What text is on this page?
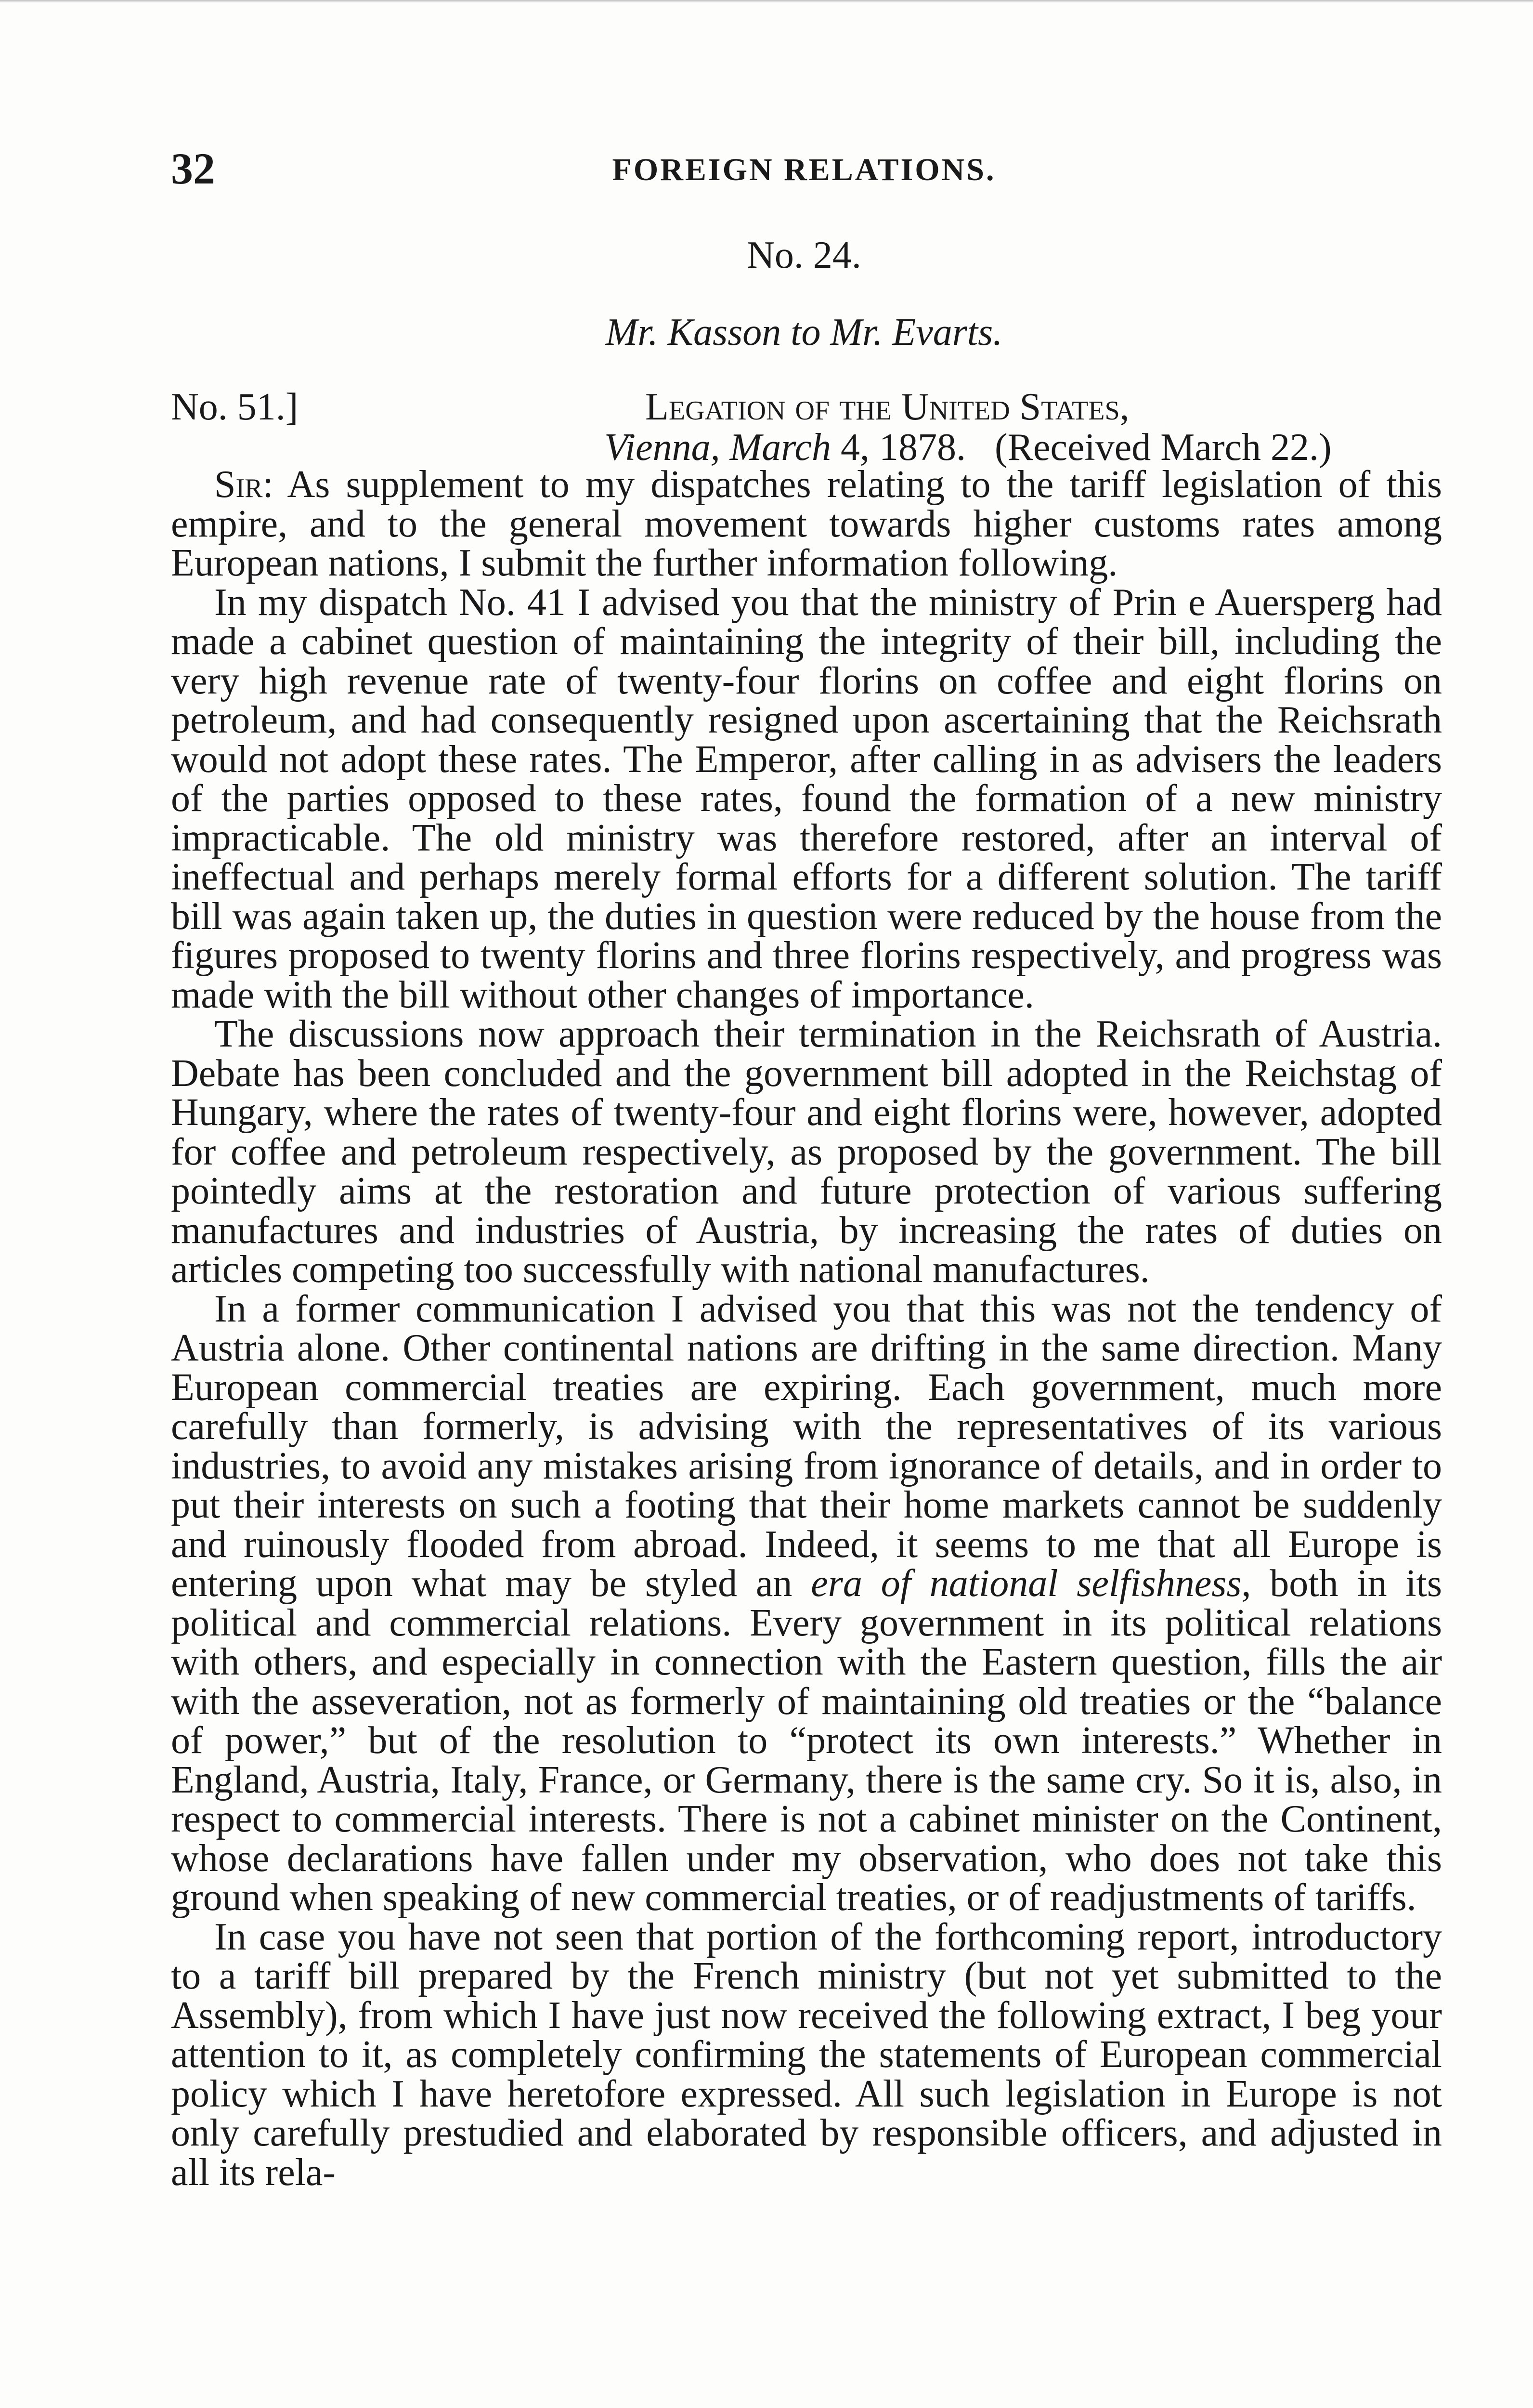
32	FOREIGN RELATIONS.
No. 24.
Mr. Kasson to Mr. Evarts.
No. 51.]	Legation of the United States,
Vienna, March 4, 1878. (Received March 22.)

Sir: As supplement to my dispatches relating to the tariff legislation of this empire, and to the general movement towards higher customs rates among European nations, I submit the further information following.

In my dispatch No. 41 I advised you that the ministry of Prin e Auersperg had made a cabinet question of maintaining the integrity of their bill, including the very high revenue rate of twenty-four florins on coffee and eight florins on petroleum, and had consequently resigned upon ascertaining that the Reichsrath would not adopt these rates. The Emperor, after calling in as advisers the leaders of the parties opposed to these rates, found the formation of a new ministry impracticable. The old ministry was therefore restored, after an interval of ineffectual and perhaps merely formal efforts for a different solution. The tariff bill was again taken up, the duties in question were reduced by the house from the figures proposed to twenty florins and three florins respectively, and progress was made with the bill without other changes of importance.

The discussions now approach their termination in the Reichsrath of Austria. Debate has been concluded and the government bill adopted in the Reichstag of Hungary, where the rates of twenty-four and eight florins were, however, adopted for coffee and petroleum respectively, as proposed by the government. The bill pointedly aims at the restoration and future protection of various suffering manufactures and industries of Austria, by increasing the rates of duties on articles competing too successfully with national manufactures.

In a former communication I advised you that this was not the tendency of Austria alone. Other continental nations are drifting in the same direction. Many European commercial treaties are expiring. Each government, much more carefully than formerly, is advising with the representatives of its various industries, to avoid any mistakes arising from ignorance of details, and in order to put their interests on such a footing that their home markets cannot be suddenly and ruinously flooded from abroad. Indeed, it seems to me that all Europe is entering upon what may be styled an era of national selfishness, both in its political and commercial relations. Every government in its political relations with others, and especially in connection with the Eastern question, fills the air with the asseveration, not as formerly of maintaining old treaties or the “balance of power,” but of the resolution to “protect its own interests.” Whether in England, Austria, Italy, France, or Germany, there is the same cry. So it is, also, in respect to commercial interests. There is not a cabinet minister on the Continent, whose declarations have fallen under my observation, who does not take this ground when speaking of new commercial treaties, or of readjustments of tariffs.

In case you have not seen that portion of the forthcoming report, introductory to a tariff bill prepared by the French ministry (but not yet submitted to the Assembly), from which I have just now received the following extract, I beg your attention to it, as completely confirming the statements of European commercial policy which I have heretofore expressed. All such legislation in Europe is not only carefully prestudied and elaborated by responsible officers, and adjusted in all its rela-
